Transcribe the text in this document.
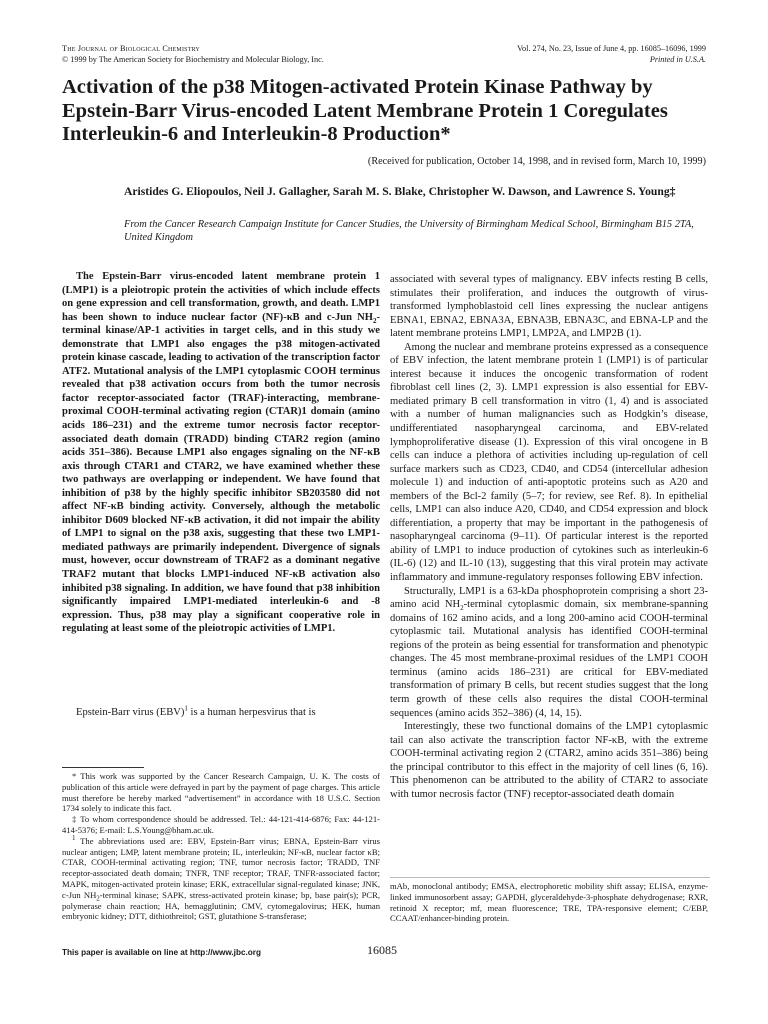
The Journal of Biological Chemistry
© 1999 by The American Society for Biochemistry and Molecular Biology, Inc.
Vol. 274, No. 23, Issue of June 4, pp. 16085–16096, 1999
Printed in U.S.A.
Activation of the p38 Mitogen-activated Protein Kinase Pathway by Epstein-Barr Virus-encoded Latent Membrane Protein 1 Coregulates Interleukin-6 and Interleukin-8 Production*
(Received for publication, October 14, 1998, and in revised form, March 10, 1999)
Aristides G. Eliopoulos, Neil J. Gallagher, Sarah M. S. Blake, Christopher W. Dawson, and Lawrence S. Young‡
From the Cancer Research Campaign Institute for Cancer Studies, the University of Birmingham Medical School, Birmingham B15 2TA, United Kingdom

The Epstein-Barr virus-encoded latent membrane protein 1 (LMP1) is a pleiotropic protein the activities of which include effects on gene expression and cell transformation, growth, and death. LMP1 has been shown to induce nuclear factor (NF)-κB and c-Jun $NH_2$-terminal kinase/AP-1 activities in target cells, and in this study we demonstrate that LMP1 also engages the p38 mitogen-activated protein kinase cascade, leading to activation of the transcription factor ATF2. Mutational analysis of the LMP1 cytoplasmic COOH terminus revealed that p38 activation occurs from both the tumor necrosis factor receptor-associated factor (TRAF)-interacting, membrane-proximal COOH-terminal activating region (CTAR)1 domain (amino acids 186–231) and the extreme tumor necrosis factor receptor-associated death domain (TRADD) binding CTAR2 region (amino acids 351–386). Because LMP1 also engages signaling on the NF-κB axis through CTAR1 and CTAR2, we have examined whether these two pathways are overlapping or independent. We have found that inhibition of p38 by the highly specific inhibitor SB203580 did not affect NF-κB binding activity. Conversely, although the metabolic inhibitor D609 blocked NF-κB activation, it did not impair the ability of LMP1 to signal on the p38 axis, suggesting that these two LMP1-mediated pathways are primarily independent. Divergence of signals must, however, occur downstream of TRAF2 as a dominant negative TRAF2 mutant that blocks LMP1-induced NF-κB activation also inhibited p38 signaling. In addition, we have found that p38 inhibition significantly impaired LMP1-mediated interleukin-6 and -8 expression. Thus, p38 may play a significant cooperative role in regulating at least some of the pleiotropic activities of LMP1.

Epstein-Barr virus (EBV)$^1$ is a human herpesvirus that is

* This work was supported by the Cancer Research Campaign, U. K. The costs of publication of this article were defrayed in part by the payment of page charges. This article must therefore be hereby marked “advertisement” in accordance with 18 U.S.C. Section 1734 solely to indicate this fact.

‡ To whom correspondence should be addressed. Tel.: 44-121-414-6876; Fax: 44-121-414-5376; E-mail: L.S.Young@bham.ac.uk.

$^1$ The abbreviations used are: EBV, Epstein-Barr virus; EBNA, Epstein-Barr virus nuclear antigen; LMP, latent membrane protein; IL, interleukin; NF-κB, nuclear factor κB; CTAR, COOH-terminal activating region; TNF, tumor necrosis factor; TRADD, TNF receptor-associated death domain; TNFR, TNF receptor; TRAF, TNFR-associated factor; MAPK, mitogen-activated protein kinase; ERK, extracellular signal-regulated kinase; JNK, c-Jun $NH_2$-terminal kinase; SAPK, stress-activated protein kinase; bp, base pair(s); PCR, polymerase chain reaction; HA, hemagglutinin; CMV, cytomegalovirus; HEK, human embryonic kidney; DTT, dithiothreitol; GST, glutathione S-transferase;

associated with several types of malignancy. EBV infects resting B cells, stimulates their proliferation, and induces the outgrowth of virus-transformed lymphoblastoid cell lines expressing the nuclear antigens EBNA1, EBNA2, EBNA3A, EBNA3B, EBNA3C, and EBNA-LP and the latent membrane proteins LMP1, LMP2A, and LMP2B (1).

Among the nuclear and membrane proteins expressed as a consequence of EBV infection, the latent membrane protein 1 (LMP1) is of particular interest because it induces the oncogenic transformation of rodent fibroblast cell lines (2, 3). LMP1 expression is also essential for EBV-mediated primary B cell transformation in vitro (1, 4) and is associated with a number of human malignancies such as Hodgkin’s disease, undifferentiated nasopharyngeal carcinoma, and EBV-related lymphoproliferative disease (1). Expression of this viral oncogene in B cells can induce a plethora of activities including up-regulation of cell surface markers such as CD23, CD40, and CD54 (intercellular adhesion molecule 1) and induction of anti-apoptotic proteins such as A20 and members of the Bcl-2 family (5–7; for review, see Ref. 8). In epithelial cells, LMP1 can also induce A20, CD40, and CD54 expression and block differentiation, a property that may be important in the pathogenesis of nasopharyngeal carcinoma (9–11). Of particular interest is the reported ability of LMP1 to induce production of cytokines such as interleukin-6 (IL-6) (12) and IL-10 (13), suggesting that this viral protein may activate inflammatory and immune-regulatory responses following EBV infection.

Structurally, LMP1 is a 63-kDa phosphoprotein comprising a short 23-amino acid $NH_2$-terminal cytoplasmic domain, six membrane-spanning domains of 162 amino acids, and a long 200-amino acid COOH-terminal cytoplasmic tail. Mutational analysis has identified COOH-terminal regions of the protein as being essential for transformation and phenotypic changes. The 45 most membrane-proximal residues of the LMP1 COOH terminus (amino acids 186–231) are critical for EBV-mediated transformation of primary B cells, but recent studies suggest that the long term growth of these cells also requires the distal COOH-terminal sequences (amino acids 352–386) (4, 14, 15).

Interestingly, these two functional domains of the LMP1 cytoplasmic tail can also activate the transcription factor NF-κB, with the extreme COOH-terminal activating region 2 (CTAR2, amino acids 351–386) being the principal contributor to this effect in the majority of cell lines (6, 16). This phenomenon can be attributed to the ability of CTAR2 to associate with tumor necrosis factor (TNF) receptor-associated death domain

mAb, monoclonal antibody; EMSA, electrophoretic mobility shift assay; ELISA, enzyme-linked immunosorbent assay; GAPDH, glyceraldehyde-3-phosphate dehydrogenase; RXR, retinoid X receptor; mf, mean fluorescence; TRE, TPA-responsive element; C/EBP, CCAAT/enhancer-binding protein.

This paper is available on line at http://www.jbc.org	16085
